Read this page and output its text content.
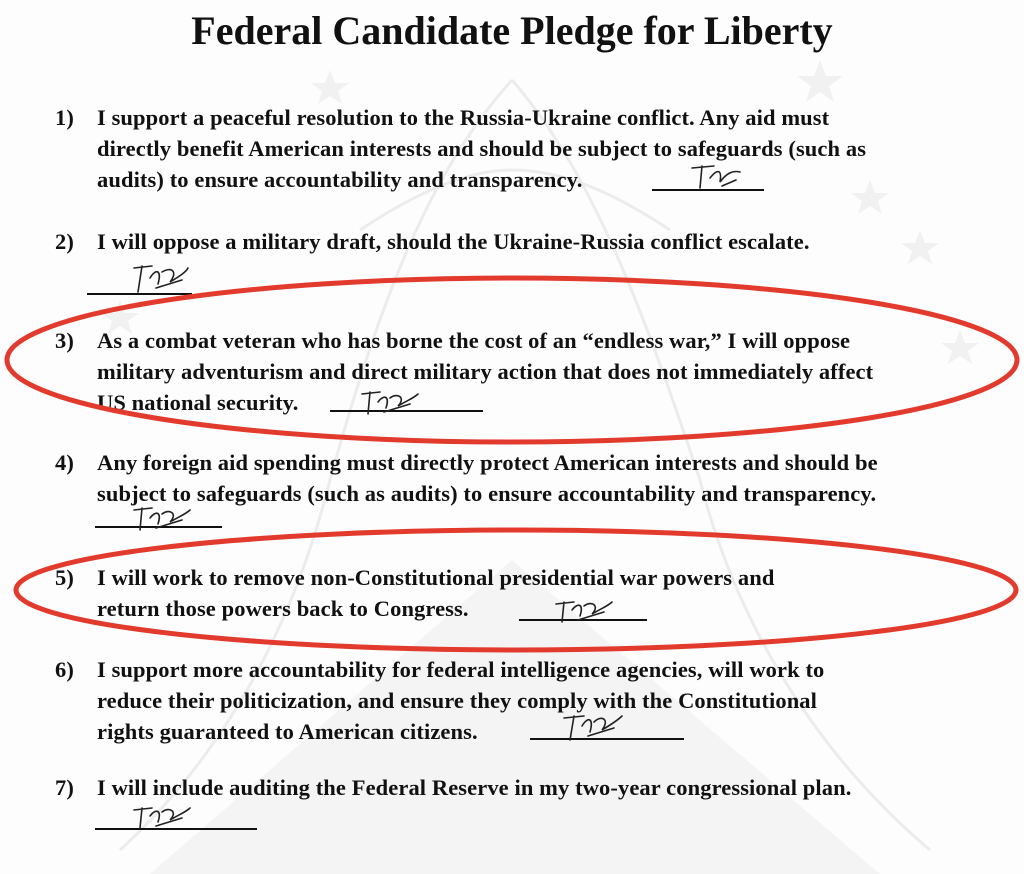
Federal Candidate Pledge for Liberty
1) I support a peaceful resolution to the Russia-Ukraine conflict. Any aid must
directly benefit American interests and should be subject to safeguards (such as
audits) to ensure accountability and transparency.
2) I will oppose a military draft, should the Ukraine-Russia conflict escalate.
3) As a combat veteran who has borne the cost of an “endless war,” I will oppose
military adventurism and direct military action that does not immediately affect
US national security.
4) Any foreign aid spending must directly protect American interests and should be
subject to safeguards (such as audits) to ensure accountability and transparency.
5) I will work to remove non-Constitutional presidential war powers and
return those powers back to Congress.
6) I support more accountability for federal intelligence agencies, will work to
reduce their politicization, and ensure they comply with the Constitutional
rights guaranteed to American citizens.
7) I will include auditing the Federal Reserve in my two-year congressional plan.
